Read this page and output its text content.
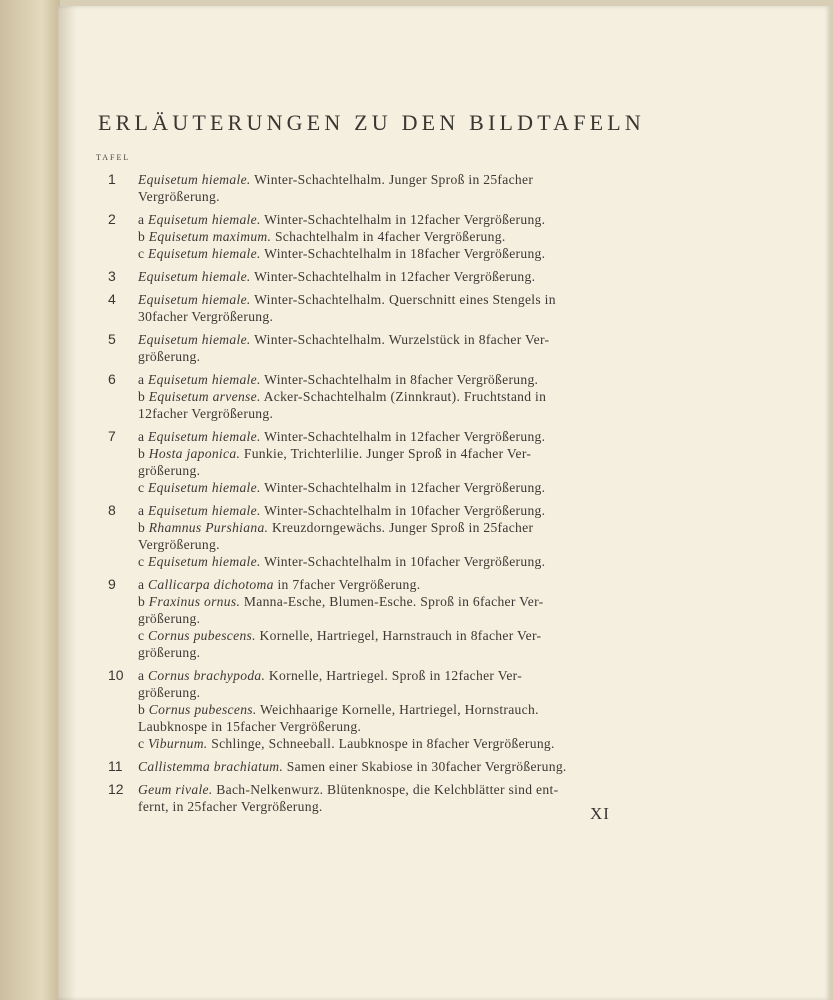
ERLÄUTERUNGEN ZU DEN BILDTAFELN
TAFEL
1	Equisetum hiemale. Winter-Schachtelhalm. Junger Sproß in 25facher
Vergrößerung.
2	a Equisetum hiemale. Winter-Schachtelhalm in 12facher Vergrößerung.
b Equisetum maximum. Schachtelhalm in 4facher Vergrößerung.
c Equisetum hiemale. Winter-Schachtelhalm in 18facher Vergrößerung.
3	Equisetum hiemale. Winter-Schachtelhalm in 12facher Vergrößerung.
4	Equisetum hiemale. Winter-Schachtelhalm. Querschnitt eines Stengels in
30facher Vergrößerung.
5	Equisetum hiemale. Winter-Schachtelhalm. Wurzelstück in 8facher Ver-
größerung.
6	a Equisetum hiemale. Winter-Schachtelhalm in 8facher Vergrößerung.
b Equisetum arvense. Acker-Schachtelhalm (Zinnkraut). Fruchtstand in
12facher Vergrößerung.
7	a Equisetum hiemale. Winter-Schachtelhalm in 12facher Vergrößerung.
b Hosta japonica. Funkie, Trichterlilie. Junger Sproß in 4facher Ver-
größerung.
c Equisetum hiemale. Winter-Schachtelhalm in 12facher Vergrößerung.
8	a Equisetum hiemale. Winter-Schachtelhalm in 10facher Vergrößerung.
b Rhamnus Purshiana. Kreuzdorngewächs. Junger Sproß in 25facher
Vergrößerung.
c Equisetum hiemale. Winter-Schachtelhalm in 10facher Vergrößerung.
9	a Callicarpa dichotoma in 7facher Vergrößerung.
b Fraxinus ornus. Manna-Esche, Blumen-Esche. Sproß in 6facher Ver-
größerung.
c Cornus pubescens. Kornelle, Hartriegel, Harnstrauch in 8facher Ver-
größerung.
10	a Cornus brachypoda. Kornelle, Hartriegel. Sproß in 12facher Ver-
größerung.
b Cornus pubescens. Weichhaarige Kornelle, Hartriegel, Hornstrauch.
Laubknospe in 15facher Vergrößerung.
c Viburnum. Schlinge, Schneeball. Laubknospe in 8facher Vergrößerung.
11	Callistemma brachiatum. Samen einer Skabiose in 30facher Vergrößerung.
12	Geum rivale. Bach-Nelkenwurz. Blütenknospe, die Kelchblätter sind ent-
fernt, in 25facher Vergrößerung.	XI
